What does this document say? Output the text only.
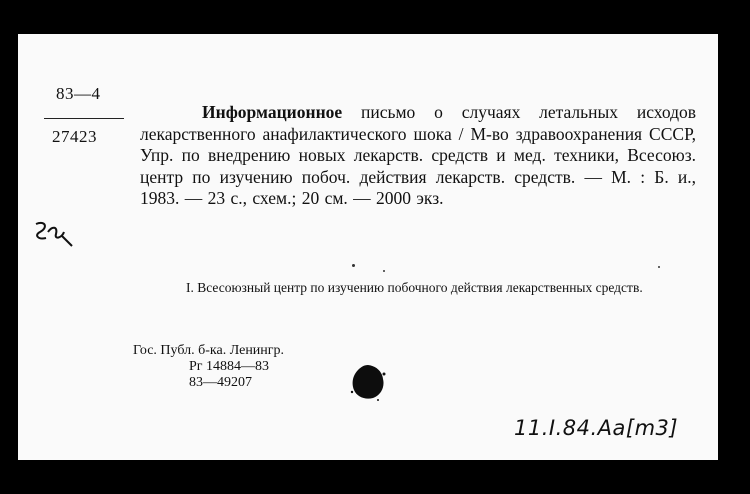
83—4
27423
Информационное письмо о случаях летальных исходов лекарственного анафилактического шока / М-во здравоохранения СССР, Упр. по внедрению новых лекарств. средств и мед. техники, Всесоюз. центр по изучению побоч. действия лекарств. средств. — М. : Б. и., 1983. — 23 с., схем.; 20 см. — 2000 экз.
I. Всесоюзный центр по изучению побочного действия лекарственных средств.
Гос. Публ. б-ка. Ленингр.
Рг 14884—83
83—49207
11.I.84.Aa[m3]
